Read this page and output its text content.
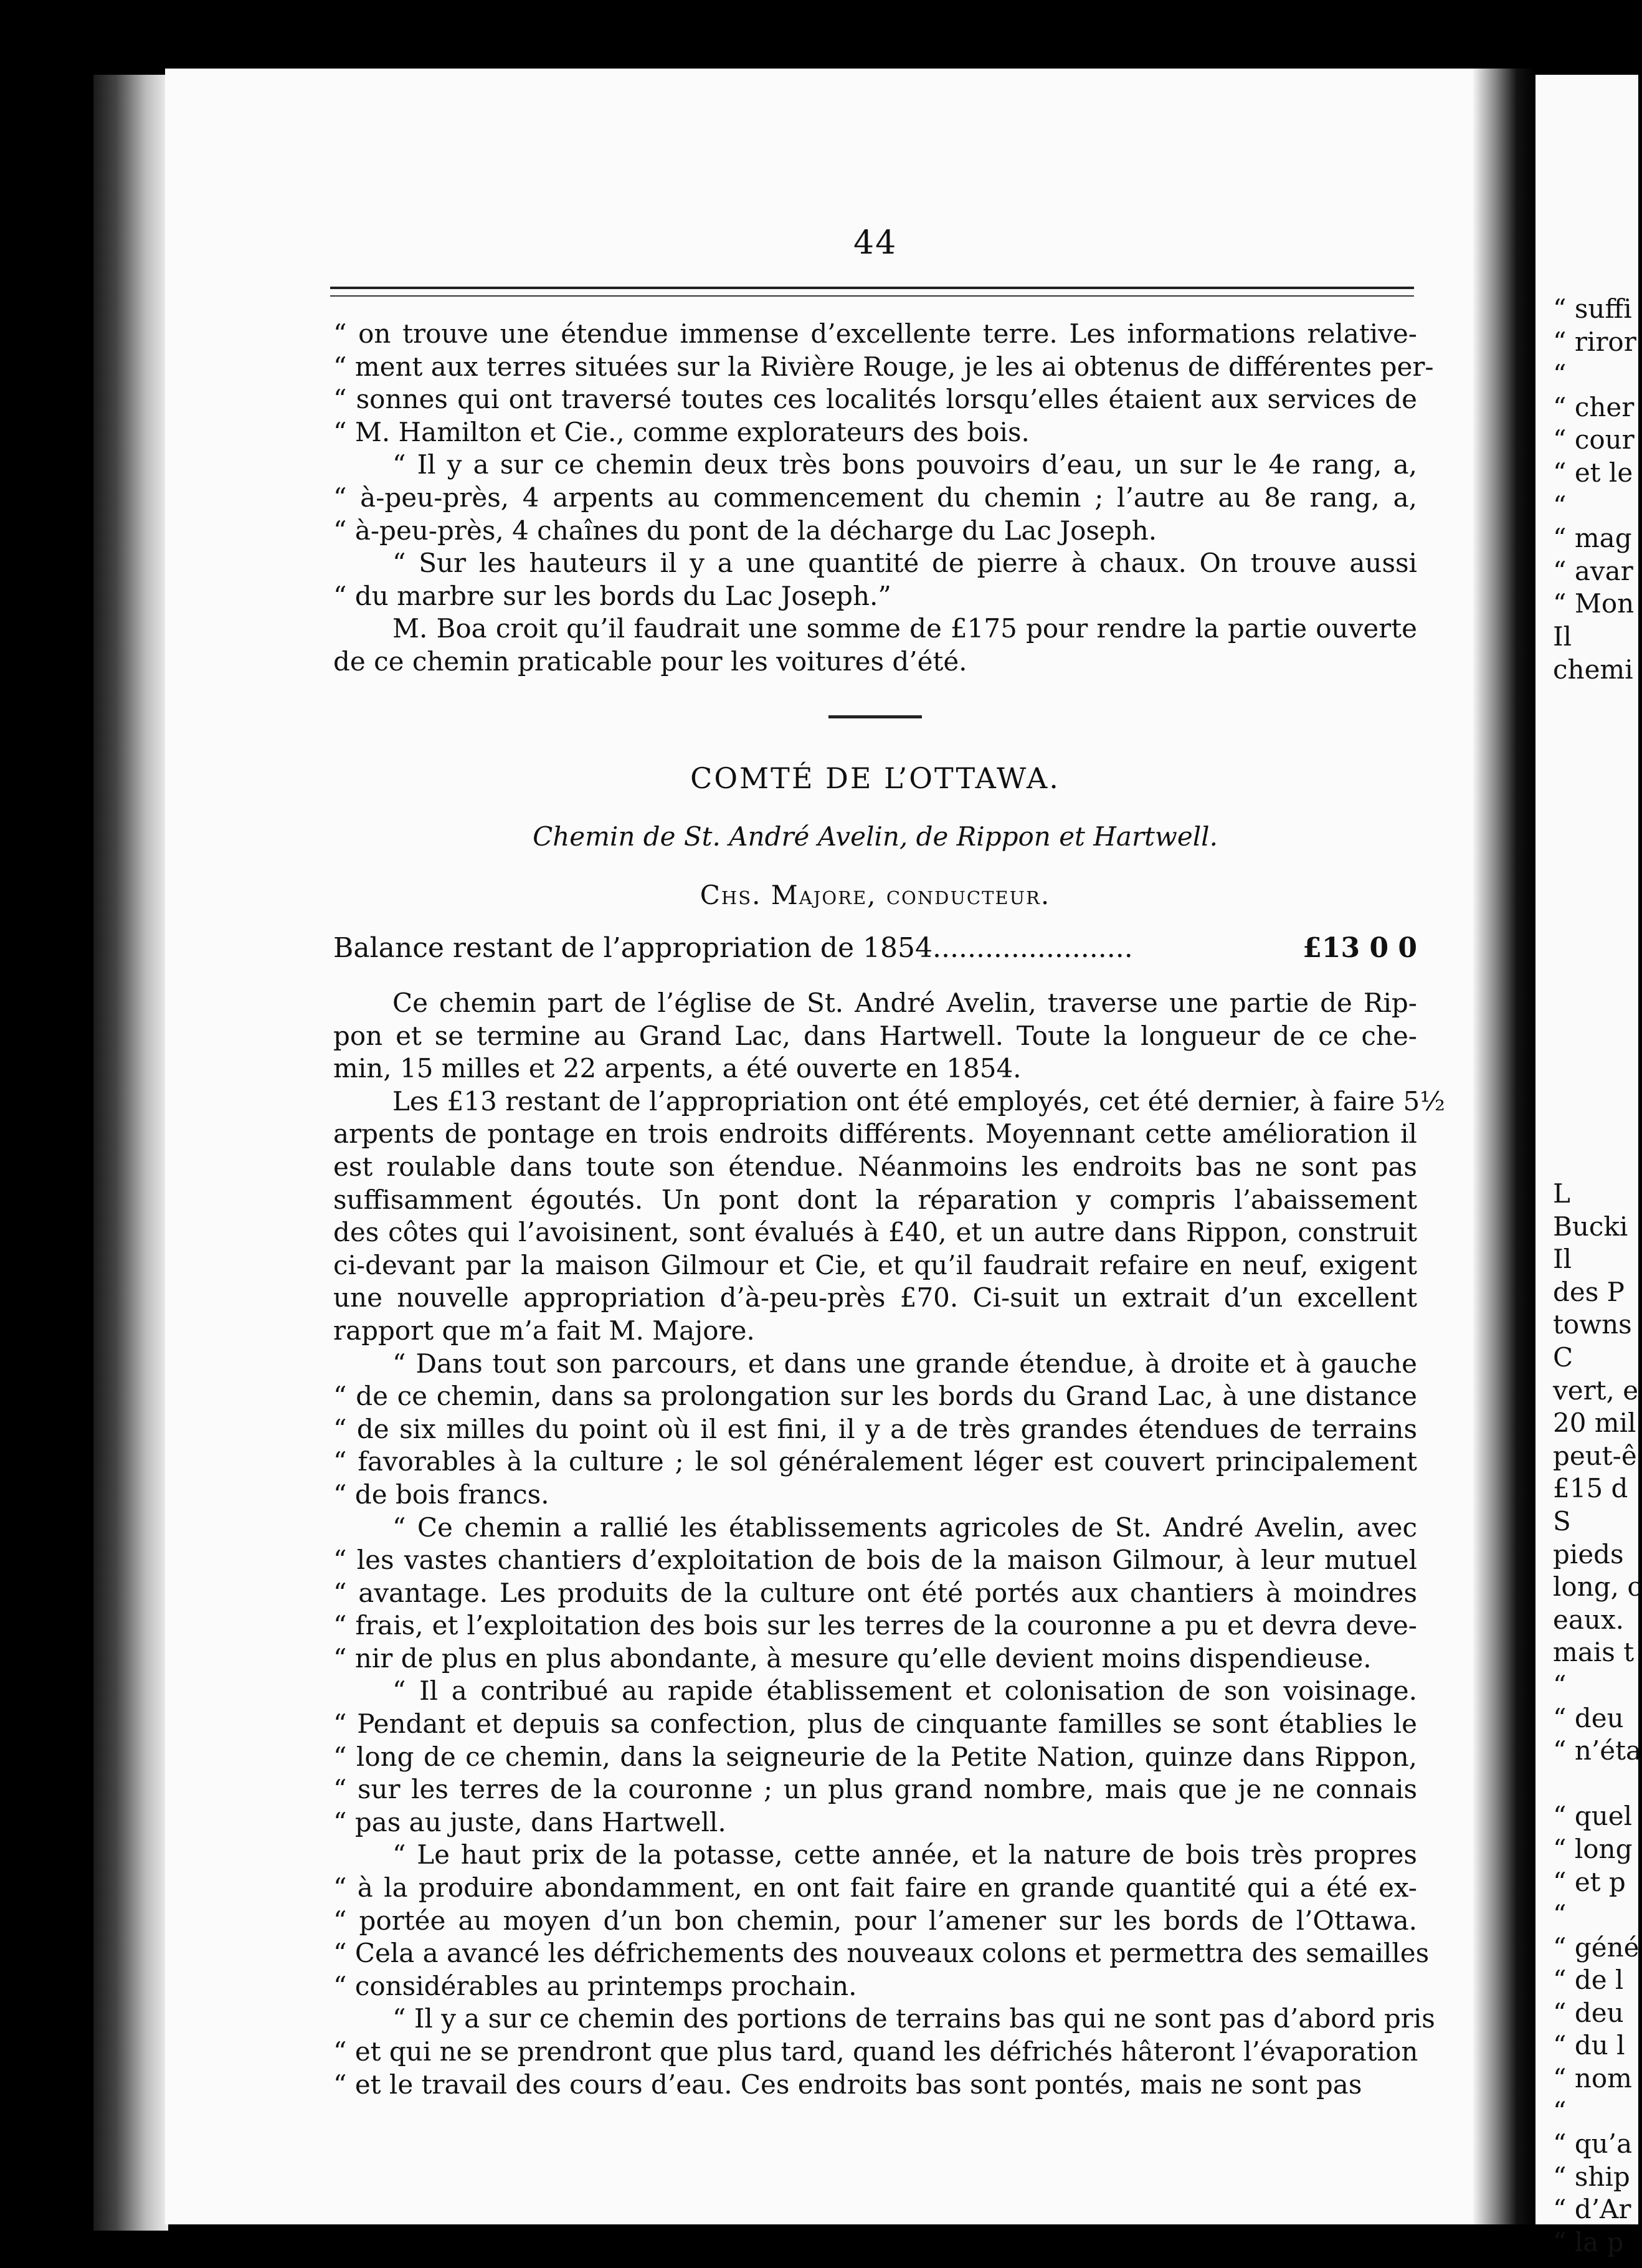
“ suffi
“ riror
“
“ cher
“ cour
“ et le
“
“ mag
“ avar
“ Mon
Il
chemi

L
Bucki
Il
des P
towns
C
vert, e
20 mil
peut-ê
£15 d
S
pieds
long, c
eaux.
mais t
“
“ deu
“ n’éta

“ quel
“ long
“ et p
“
“ géné
“ de l
“ deu
“ du l
“ nom
“
“ qu’a
“ ship
“ d’Ar
“ la p
44
“ on trouve une étendue immense d’excellente terre. Les informations relative-
“ ment aux terres situées sur la Rivière Rouge, je les ai obtenus de différentes per-
“ sonnes qui ont traversé toutes ces localités lorsqu’elles étaient aux services de
“ M. Hamilton et Cie., comme explorateurs des bois.
“ Il y a sur ce chemin deux très bons pouvoirs d’eau, un sur le 4e rang, a,
“ à-peu-près, 4 arpents au commencement du chemin ; l’autre au 8e rang, a,
“ à-peu-près, 4 chaînes du pont de la décharge du Lac Joseph.
“ Sur les hauteurs il y a une quantité de pierre à chaux. On trouve aussi
“ du marbre sur les bords du Lac Joseph.”
M. Boa croit qu’il faudrait une somme de £175 pour rendre la partie ouverte
de ce chemin praticable pour les voitures d’été.
COMTÉ DE L’OTTAWA.
Chemin de St. André Avelin, de Rippon et Hartwell.
Chs. Majore, conducteur.
Balance restant de l’appropriation de 1854.......................	£13 0 0
Ce chemin part de l’église de St. André Avelin, traverse une partie de Rip-
pon et se termine au Grand Lac, dans Hartwell. Toute la longueur de ce che-
min, 15 milles et 22 arpents, a été ouverte en 1854.
Les £13 restant de l’appropriation ont été employés, cet été dernier, à faire 5½
arpents de pontage en trois endroits différents. Moyennant cette amélioration il
est roulable dans toute son étendue. Néanmoins les endroits bas ne sont pas
suffisamment égoutés. Un pont dont la réparation y compris l’abaissement
des côtes qui l’avoisinent, sont évalués à £40, et un autre dans Rippon, construit
ci-devant par la maison Gilmour et Cie, et qu’il faudrait refaire en neuf, exigent
une nouvelle appropriation d’à-peu-près £70. Ci-suit un extrait d’un excellent
rapport que m’a fait M. Majore.
“ Dans tout son parcours, et dans une grande étendue, à droite et à gauche
“ de ce chemin, dans sa prolongation sur les bords du Grand Lac, à une distance
“ de six milles du point où il est fini, il y a de très grandes étendues de terrains
“ favorables à la culture ; le sol généralement léger est couvert principalement
“ de bois francs.
“ Ce chemin a rallié les établissements agricoles de St. André Avelin, avec
“ les vastes chantiers d’exploitation de bois de la maison Gilmour, à leur mutuel
“ avantage. Les produits de la culture ont été portés aux chantiers à moindres
“ frais, et l’exploitation des bois sur les terres de la couronne a pu et devra deve-
“ nir de plus en plus abondante, à mesure qu’elle devient moins dispendieuse.
“ Il a contribué au rapide établissement et colonisation de son voisinage.
“ Pendant et depuis sa confection, plus de cinquante familles se sont établies le
“ long de ce chemin, dans la seigneurie de la Petite Nation, quinze dans Rippon,
“ sur les terres de la couronne ; un plus grand nombre, mais que je ne connais
“ pas au juste, dans Hartwell.
“ Le haut prix de la potasse, cette année, et la nature de bois très propres
“ à la produire abondamment, en ont fait faire en grande quantité qui a été ex-
“ portée au moyen d’un bon chemin, pour l’amener sur les bords de l’Ottawa.
“ Cela a avancé les défrichements des nouveaux colons et permettra des semailles
“ considérables au printemps prochain.
“ Il y a sur ce chemin des portions de terrains bas qui ne sont pas d’abord pris
“ et qui ne se prendront que plus tard, quand les défrichés hâteront l’évaporation
“ et le travail des cours d’eau. Ces endroits bas sont pontés, mais ne sont pas
